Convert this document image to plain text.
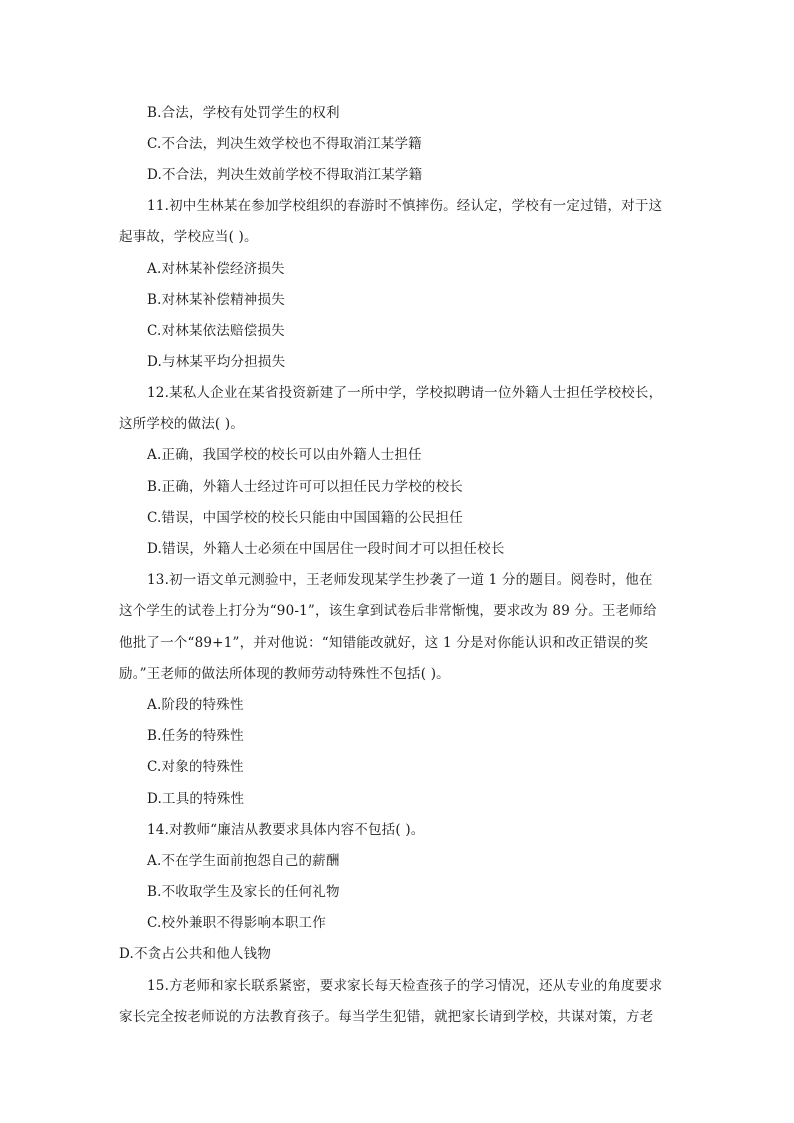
B.合法，学校有处罚学生的权利
C.不合法，判决生效学校也不得取消江某学籍
D.不合法，判决生效前学校不得取消江某学籍
11.初中生林某在参加学校组织的春游时不慎摔伤。经认定，学校有一定过错，对于这
起事故，学校应当( )。
A.对林某补偿经济损失
B.对林某补偿精神损失
C.对林某依法赔偿损失
D.与林某平均分担损失
12.某私人企业在某省投资新建了一所中学，学校拟聘请一位外籍人士担任学校校长，
这所学校的做法( )。
A.正确，我国学校的校长可以由外籍人士担任
B.正确，外籍人士经过许可可以担任民力学校的校长
C.错误，中国学校的校长只能由中国国籍的公民担任
D.错误，外籍人士必须在中国居住一段时间才可以担任校长
13.初一语文单元测验中，王老师发现某学生抄袭了一道 1 分的题目。阅卷时，他在
这个学生的试卷上打分为“90-1”，该生拿到试卷后非常惭愧，要求改为 89 分。王老师给
他批了一个“89+1”，并对他说：“知错能改就好，这 1 分是对你能认识和改正错误的奖
励。”王老师的做法所体现的教师劳动特殊性不包括( )。
A.阶段的特殊性
B.任务的特殊性
C.对象的特殊性
D.工具的特殊性
14.对教师“廉洁从教要求具体内容不包括( )。
A.不在学生面前抱怨自己的薪酬
B.不收取学生及家长的任何礼物
C.校外兼职不得影响本职工作
D.不贪占公共和他人钱物
15.方老师和家长联系紧密，要求家长每天检查孩子的学习情况，还从专业的角度要求
家长完全按老师说的方法教育孩子。每当学生犯错，就把家长请到学校，共谋对策，方老
